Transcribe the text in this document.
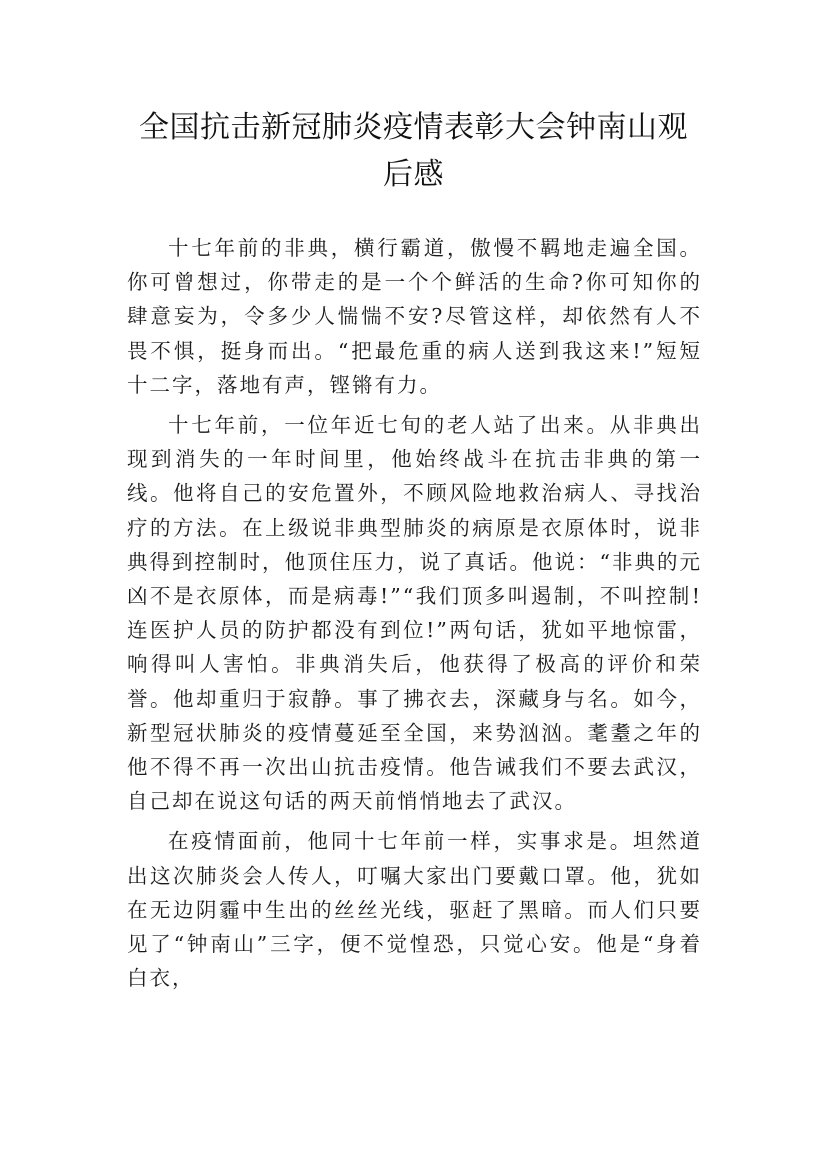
全国抗击新冠肺炎疫情表彰大会钟南山观
后感

十七年前的非典，横行霸道，傲慢不羁地走遍全国。你可曾想过，你带走的是一个个鲜活的生命?你可知你的肆意妄为，令多少人惴惴不安?尽管这样，却依然有人不畏不惧，挺身而出。“把最危重的病人送到我这来!”短短十二字，落地有声，铿锵有力。

十七年前，一位年近七旬的老人站了出来。从非典出现到消失的一年时间里，他始终战斗在抗击非典的第一线。他将自己的安危置外，不顾风险地救治病人、寻找治疗的方法。在上级说非典型肺炎的病原是衣原体时，说非典得到控制时，他顶住压力，说了真话。他说：“非典的元凶不是衣原体，而是病毒!”“我们顶多叫遏制，不叫控制!连医护人员的防护都没有到位!”两句话，犹如平地惊雷，响得叫人害怕。非典消失后，他获得了极高的评价和荣誉。他却重归于寂静。事了拂衣去，深藏身与名。如今，新型冠状肺炎的疫情蔓延至全国，来势汹汹。耄耋之年的他不得不再一次出山抗击疫情。他告诫我们不要去武汉，自己却在说这句话的两天前悄悄地去了武汉。

在疫情面前，他同十七年前一样，实事求是。坦然道出这次肺炎会人传人，叮嘱大家出门要戴口罩。他，犹如在无边阴霾中生出的丝丝光线，驱赶了黑暗。而人们只要见了“钟南山”三字，便不觉惶恐，只觉心安。他是“身着白衣，
